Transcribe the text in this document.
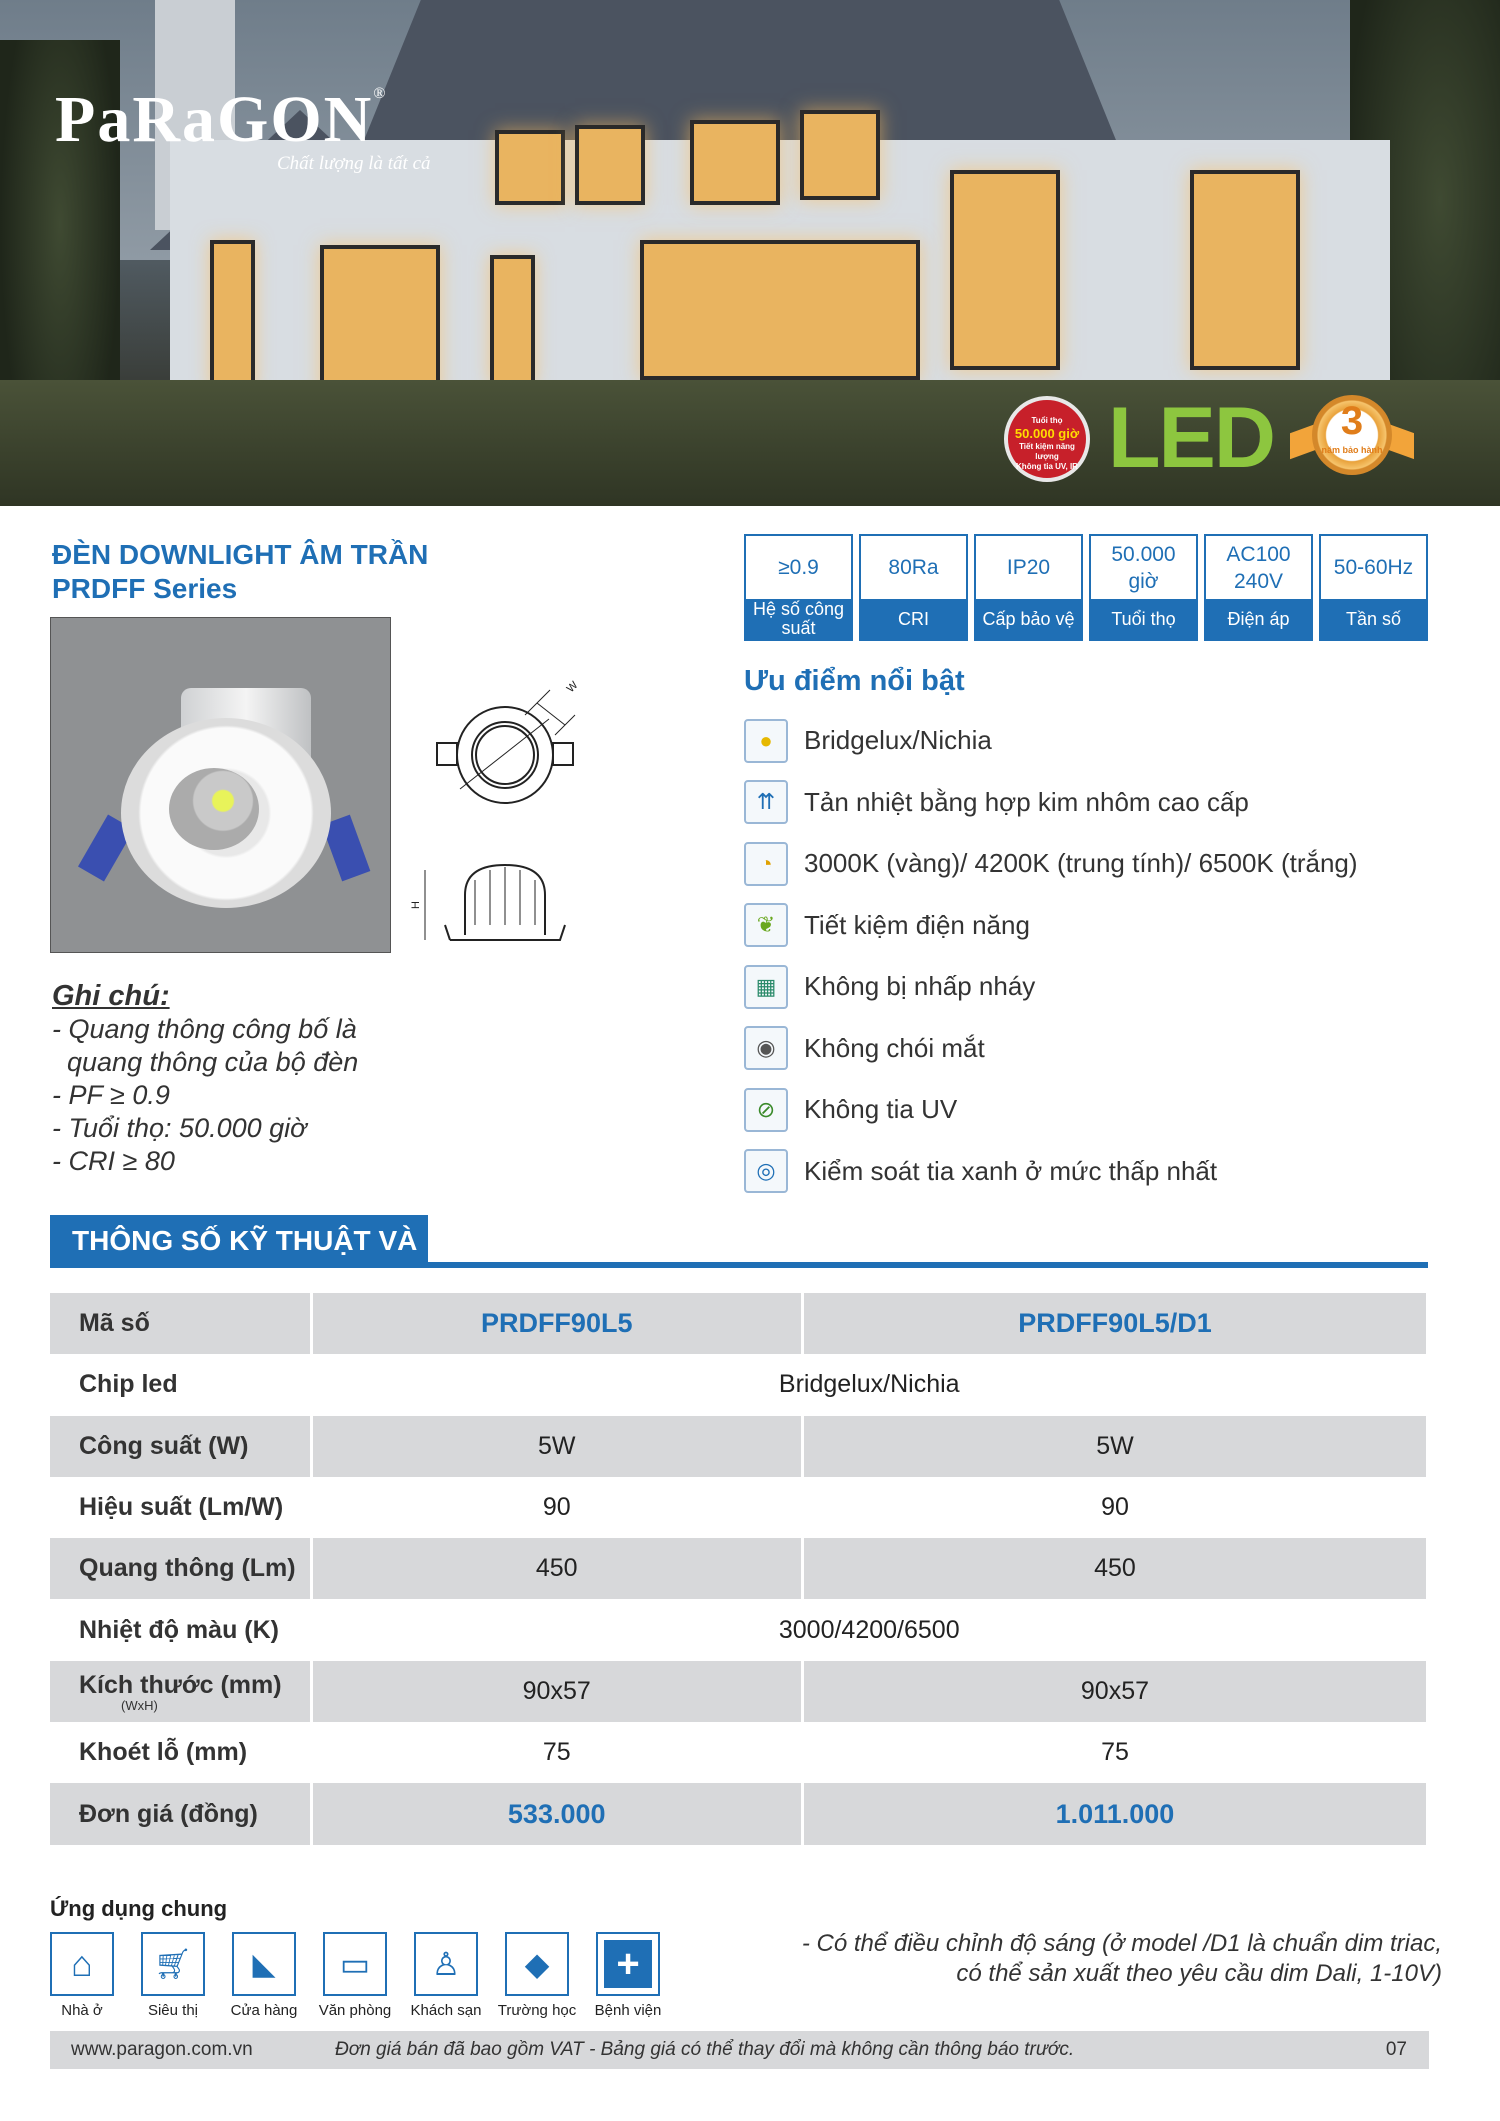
PaRaGON®
Chất lượng là tất cả
Tuổi thọ
50.000 giờ
Tiết kiệm năng lượng
Không tia UV, IR LED	3
năm bảo hành
ĐÈN DOWNLIGHT ÂM TRẦN
PRDFF Series
W
H
Ghi chú:
- Quang thông công bố là
quang thông của bộ đèn
- PF ≥ 0.9
- Tuổi thọ: 50.000 giờ
- CRI ≥ 80
≥0.9
Hệ số công suất
80Ra
CRI
IP20
Cấp bảo vệ
50.000 giờ
Tuổi thọ
AC100 240V
Điện áp
50-60Hz
Tần số
Ưu điểm nổi bật
●	Bridgelux/Nichia
⇈	Tản nhiệt bằng hợp kim nhôm cao cấp
◔	3000K (vàng)/ 4200K (trung tính)/ 6500K (trắng)
❦	Tiết kiệm điện năng
▦	Không bị nhấp nháy
◉	Không chói mắt
⊘	Không tia UV
◎	Kiểm soát tia xanh ở mức thấp nhất
THÔNG SỐ KỸ THUẬT VÀ
Mã số	PRDFF90L5	PRDFF90L5/D1
Chip led	Bridgelux/Nichia	
Công suất (W)	5W	5W
Hiệu suất (Lm/W)	90	90
Quang thông (Lm)	450	450
Nhiệt độ màu (K)	3000/4200/6500	
Kích thước (mm)
(WxH)	90x57	90x57
Khoét lỗ (mm)	75	75
Đơn giá (đồng)	533.000	1.011.000
Ứng dụng chung
⌂
Nhà ở
🛒︎
Siêu thị
◣
Cửa hàng
▭
Văn phòng
♙
Khách sạn
◆
Trường học
+
Bệnh viện
- Có thể điều chỉnh độ sáng (ở model /D1 là chuẩn dim triac,
có thể sản xuất theo yêu cầu dim Dali, 1-10V)
www.paragon.com.vn	Đơn giá bán đã bao gồm VAT - Bảng giá có thể thay đổi mà không cần thông báo trước.	07
